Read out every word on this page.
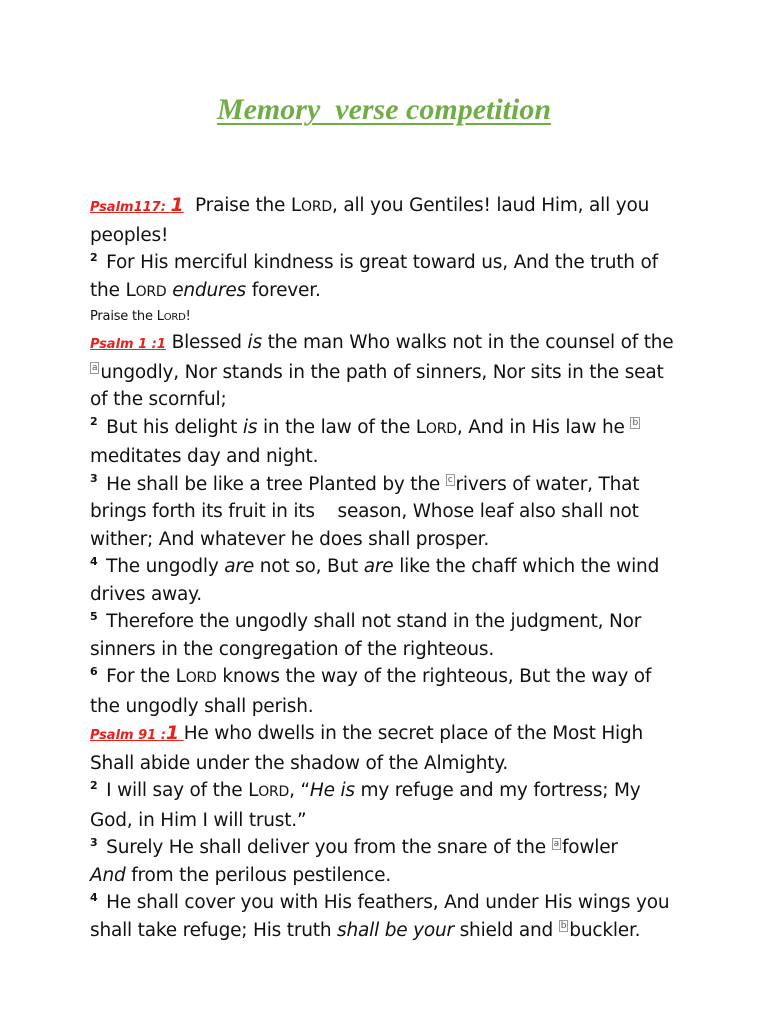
Memory  verse competition
Psalm117: 1 Praise the LORD, all you Gentiles! laud Him, all you peoples!
$^2$ For His merciful kindness is great toward us, And the truth of the LORD endures forever.
Praise the LORD!
Psalm 1 :1 Blessed is the man Who walks not in the counsel of the a ungodly, Nor stands in the path of sinners, Nor sits in the seat of the scornful;
$^2$ But his delight is in the law of the LORD, And in His law he bmeditates day and night.
$^3$ He shall be like a tree Planted by the c rivers of water, That brings forth its fruit in its    season, Whose leaf also shall not wither; And whatever he does shall prosper.
$^4$ The ungodly are not so, But are like the chaff which the wind drives away.
$^5$ Therefore the ungodly shall not stand in the judgment, Nor sinners in the congregation of the righteous.
$^6$ For the LORD knows the way of the righteous, But the way of the ungodly shall perish.
Psalm 91 :1 He who dwells in the secret place of the Most High Shall abide under the shadow of the Almighty.
$^2$ I will say of the LORD, “He is my refuge and my fortress; My God, in Him I will trust.”
$^3$ Surely He shall deliver you from the snare of the a fowler
And from the perilous pestilence.
$^4$ He shall cover you with His feathers, And under His wings you shall take refuge; His truth shall be your shield and b buckler.
